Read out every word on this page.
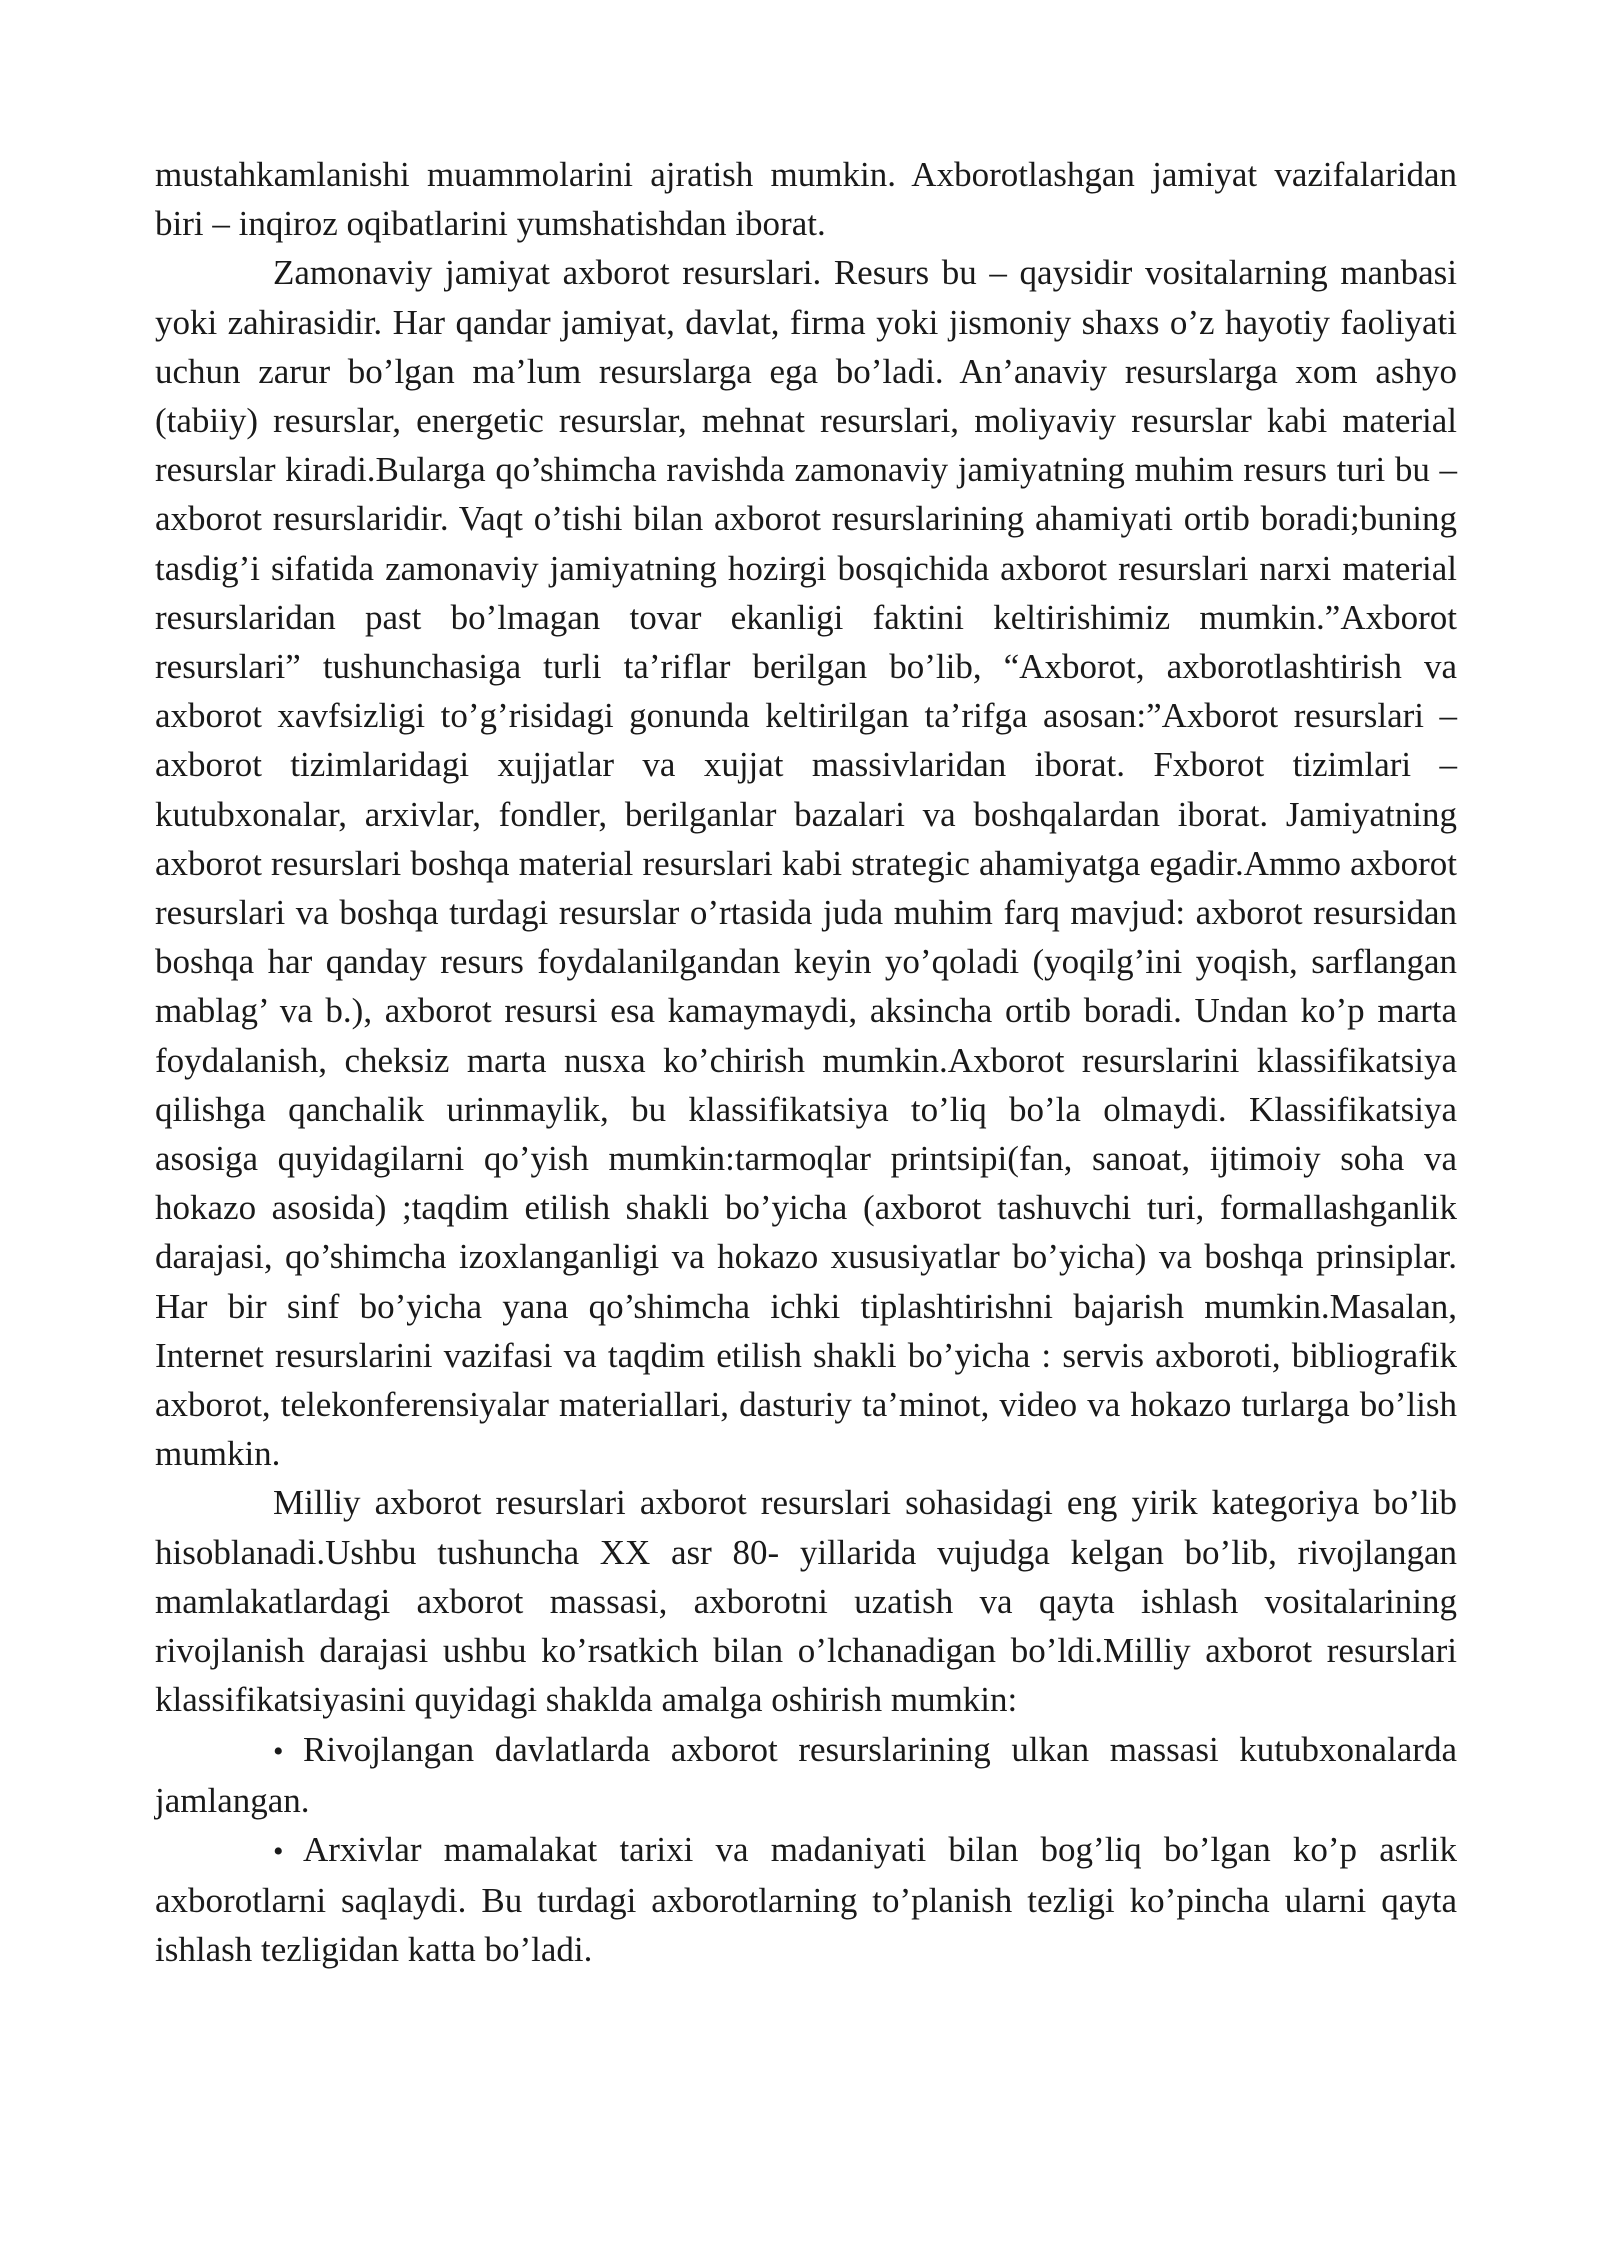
mustahkamlanishi muammolarini ajratish mumkin. Axborotlashgan jamiyat vazifalaridan biri – inqiroz oqibatlarini yumshatishdan iborat.

Zamonaviy jamiyat axborot resurslari. Resurs bu – qaysidir vositalarning manbasi yoki zahirasidir. Har qandar jamiyat, davlat, firma yoki jismoniy shaxs o’z hayotiy faoliyati uchun zarur bo’lgan ma’lum resurslarga ega bo’ladi. An’anaviy resurslarga xom ashyo (tabiiy) resurslar, energetic resurslar, mehnat resurslari, moliyaviy resurslar kabi material resurslar kiradi.Bularga qo’shimcha ravishda zamonaviy jamiyatning muhim resurs turi bu – axborot resurslaridir. Vaqt o’tishi bilan axborot resurslarining ahamiyati ortib boradi;buning tasdig’i sifatida zamonaviy jamiyatning hozirgi bosqichida axborot resurslari narxi material resurslaridan past bo’lmagan tovar ekanligi faktini keltirishimiz mumkin.”Axborot resurslari” tushunchasiga turli ta’riflar berilgan bo’lib, “Axborot, axborotlashtirish va axborot xavfsizligi to’g’risidagi gonunda keltirilgan ta’rifga asosan:”Axborot resurslari – axborot tizimlaridagi xujjatlar va xujjat massivlaridan iborat. Fxborot tizimlari – kutubxonalar, arxivlar, fondler, berilganlar bazalari va boshqalardan iborat. Jamiyatning axborot resurslari boshqa material resurslari kabi strategic ahamiyatga egadir.Ammo axborot resurslari va boshqa turdagi resurslar o’rtasida juda muhim farq mavjud: axborot resursidan boshqa har qanday resurs foydalanilgandan keyin yo’qoladi (yoqilg’ini yoqish, sarflangan mablag’ va b.), axborot resursi esa kamaymaydi, aksincha ortib boradi. Undan ko’p marta foydalanish, cheksiz marta nusxa ko’chirish mumkin.Axborot resurslarini klassifikatsiya qilishga qanchalik urinmaylik, bu klassifikatsiya to’liq bo’la olmaydi. Klassifikatsiya asosiga quyidagilarni qo’yish mumkin:tarmoqlar printsipi(fan, sanoat, ijtimoiy soha va hokazo asosida) ;taqdim etilish shakli bo’yicha (axborot tashuvchi turi, formallashganlik darajasi, qo’shimcha izoxlanganligi va hokazo xususiyatlar bo’yicha) va boshqa prinsiplar. Har bir sinf bo’yicha yana qo’shimcha ichki tiplashtirishni bajarish mumkin.Masalan, Internet resurslarini vazifasi va taqdim etilish shakli bo’yicha : servis axboroti, bibliografik axborot, telekonferensiyalar materiallari, dasturiy ta’minot, video va hokazo turlarga bo’lish mumkin.

Milliy axborot resurslari axborot resurslari sohasidagi eng yirik kategoriya bo’lib hisoblanadi.Ushbu tushuncha XX asr 80- yillarida vujudga kelgan bo’lib, rivojlangan mamlakatlardagi axborot massasi, axborotni uzatish va qayta ishlash vositalarining rivojlanish darajasi ushbu ko’rsatkich bilan o’lchanadigan bo’ldi.Milliy axborot resurslari klassifikatsiyasini quyidagi shaklda amalga oshirish mumkin:

• Rivojlangan davlatlarda axborot resurslarining ulkan massasi kutubxonalarda jamlangan.

• Arxivlar mamalakat tarixi va madaniyati bilan bog’liq bo’lgan ko’p asrlik axborotlarni saqlaydi. Bu turdagi axborotlarning to’planish tezligi ko’pincha ularni qayta ishlash tezligidan katta bo’ladi.
